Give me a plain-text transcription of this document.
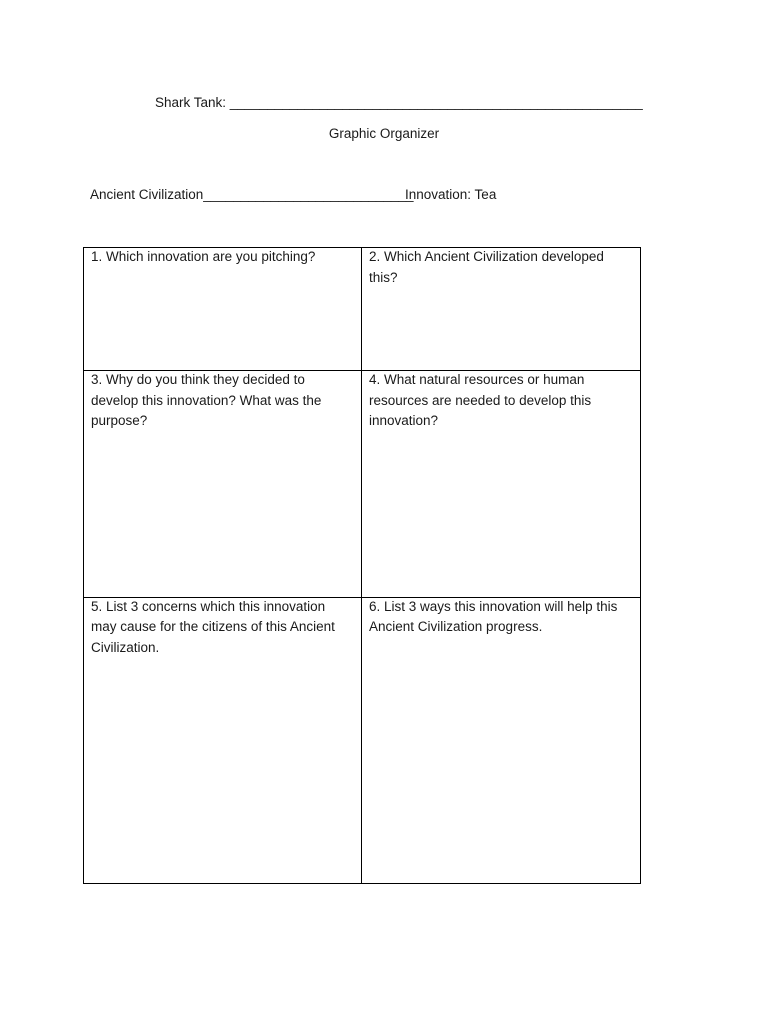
Shark Tank: _______________________________________________________
Graphic Organizer
Ancient Civilization____________________________
Innovation: Tea
1. Which innovation are you pitching?	2. Which Ancient Civilization developed this?

3. Why do you think they decided to develop this innovation? What was the purpose?	4. What natural resources or human resources are needed to develop this innovation?

5. List 3 concerns which this innovation may cause for the citizens of this Ancient Civilization.	6. List 3 ways this innovation will help this Ancient Civilization progress.
